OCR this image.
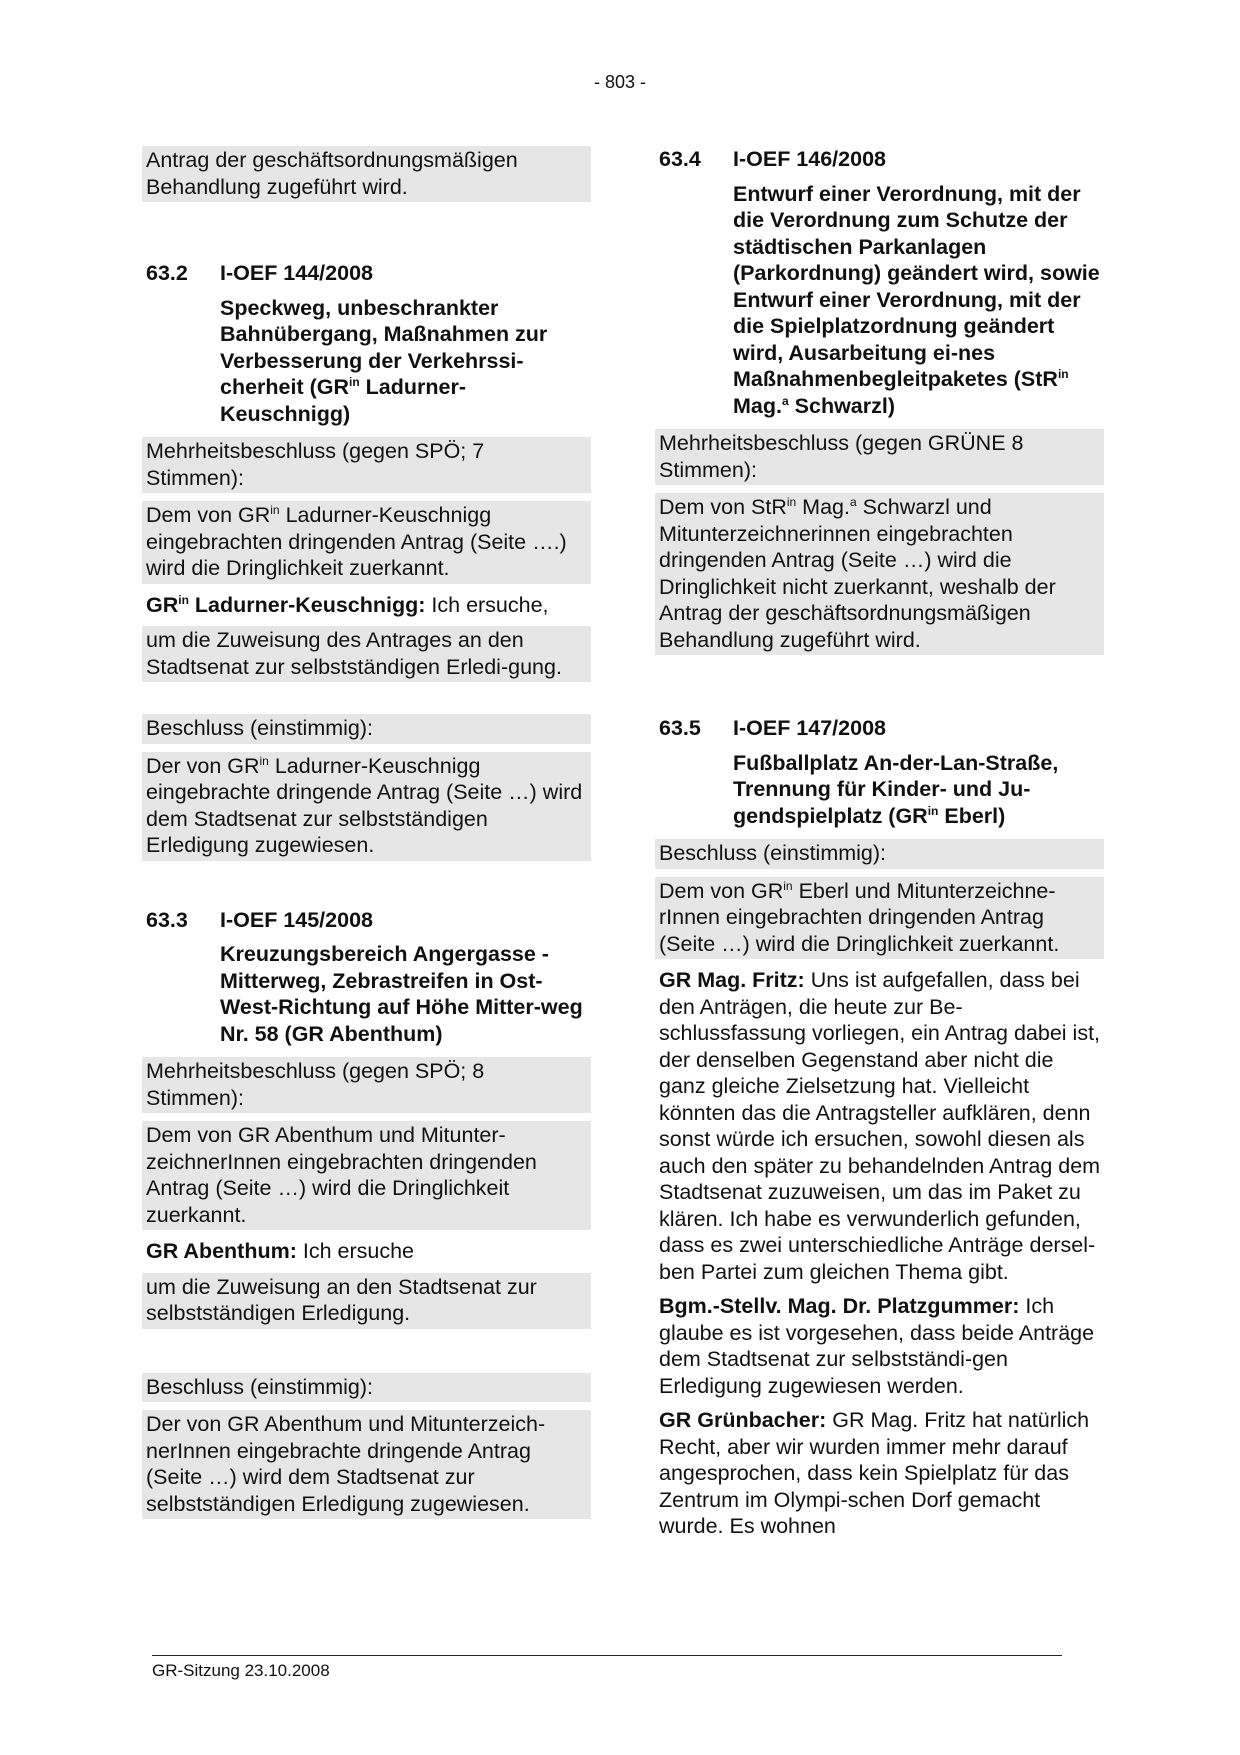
- 803 -
Antrag der geschäftsordnungsmäßigen Behandlung zugeführt wird.
63.2	I-OEF 144/2008
Speckweg, unbeschrankter Bahnübergang, Maßnahmen zur Verbesserung der Verkehrssi-cherheit ($GR^{in}$ Ladurner-Keuschnigg)
Mehrheitsbeschluss (gegen SPÖ; 7 Stimmen):
Dem von $GR^{in}$ Ladurner-Keuschnigg eingebrachten dringenden Antrag (Seite ….) wird die Dringlichkeit zuerkannt.
$GR^{in}$ Ladurner-Keuschnigg: Ich ersuche,
um die Zuweisung des Antrages an den Stadtsenat zur selbstständigen Erledi-gung.
Beschluss (einstimmig):
Der von $GR^{in}$ Ladurner-Keuschnigg eingebrachte dringende Antrag (Seite …) wird dem Stadtsenat zur selbstständigen Erledigung zugewiesen.
63.3	I-OEF 145/2008
Kreuzungsbereich Angergasse - Mitterweg, Zebrastreifen in Ost-West-Richtung auf Höhe Mitter-weg Nr. 58 (GR Abenthum)
Mehrheitsbeschluss (gegen SPÖ; 8 Stimmen):
Dem von GR Abenthum und Mitunter-zeichnerInnen eingebrachten dringenden Antrag (Seite …) wird die Dringlichkeit zuerkannt.
GR Abenthum: Ich ersuche
um die Zuweisung an den Stadtsenat zur selbstständigen Erledigung.
Beschluss (einstimmig):
Der von GR Abenthum und Mitunterzeich-nerInnen eingebrachte dringende Antrag (Seite …) wird dem Stadtsenat zur selbstständigen Erledigung zugewiesen.
63.4	I-OEF 146/2008
Entwurf einer Verordnung, mit der die Verordnung zum Schutze der städtischen Parkanlagen (Parkordnung) geändert wird, sowie Entwurf einer Verordnung, mit der die Spielplatzordnung geändert wird, Ausarbeitung ei-nes Maßnahmenbegleitpaketes (StR$^{in}$ Mag.$^a$ Schwarzl)
Mehrheitsbeschluss (gegen GRÜNE 8 Stimmen):
Dem von StR$^{in}$ Mag.$^a$ Schwarzl und Mitunterzeichnerinnen eingebrachten dringenden Antrag (Seite …) wird die Dringlichkeit nicht zuerkannt, weshalb der Antrag der geschäftsordnungsmäßigen Behandlung zugeführt wird.
63.5	I-OEF 147/2008
Fußballplatz An-der-Lan-Straße, Trennung für Kinder- und Ju-gendspielplatz ($GR^{in}$ Eberl)
Beschluss (einstimmig):
Dem von $GR^{in}$ Eberl und Mitunterzeichne-rInnen eingebrachten dringenden Antrag (Seite …) wird die Dringlichkeit zuerkannt.
GR Mag. Fritz: Uns ist aufgefallen, dass bei den Anträgen, die heute zur Be-schlussfassung vorliegen, ein Antrag dabei ist, der denselben Gegenstand aber nicht die ganz gleiche Zielsetzung hat. Vielleicht könnten das die Antragsteller aufklären, denn sonst würde ich ersuchen, sowohl diesen als auch den später zu behandelnden Antrag dem Stadtsenat zuzuweisen, um das im Paket zu klären. Ich habe es verwunderlich gefunden, dass es zwei unterschiedliche Anträge dersel-ben Partei zum gleichen Thema gibt.
Bgm.-Stellv. Mag. Dr. Platzgummer: Ich glaube es ist vorgesehen, dass beide Anträge dem Stadtsenat zur selbstständi-gen Erledigung zugewiesen werden.
GR Grünbacher: GR Mag. Fritz hat natürlich Recht, aber wir wurden immer mehr darauf angesprochen, dass kein Spielplatz für das Zentrum im Olympi-schen Dorf gemacht wurde. Es wohnen
GR-Sitzung 23.10.2008
